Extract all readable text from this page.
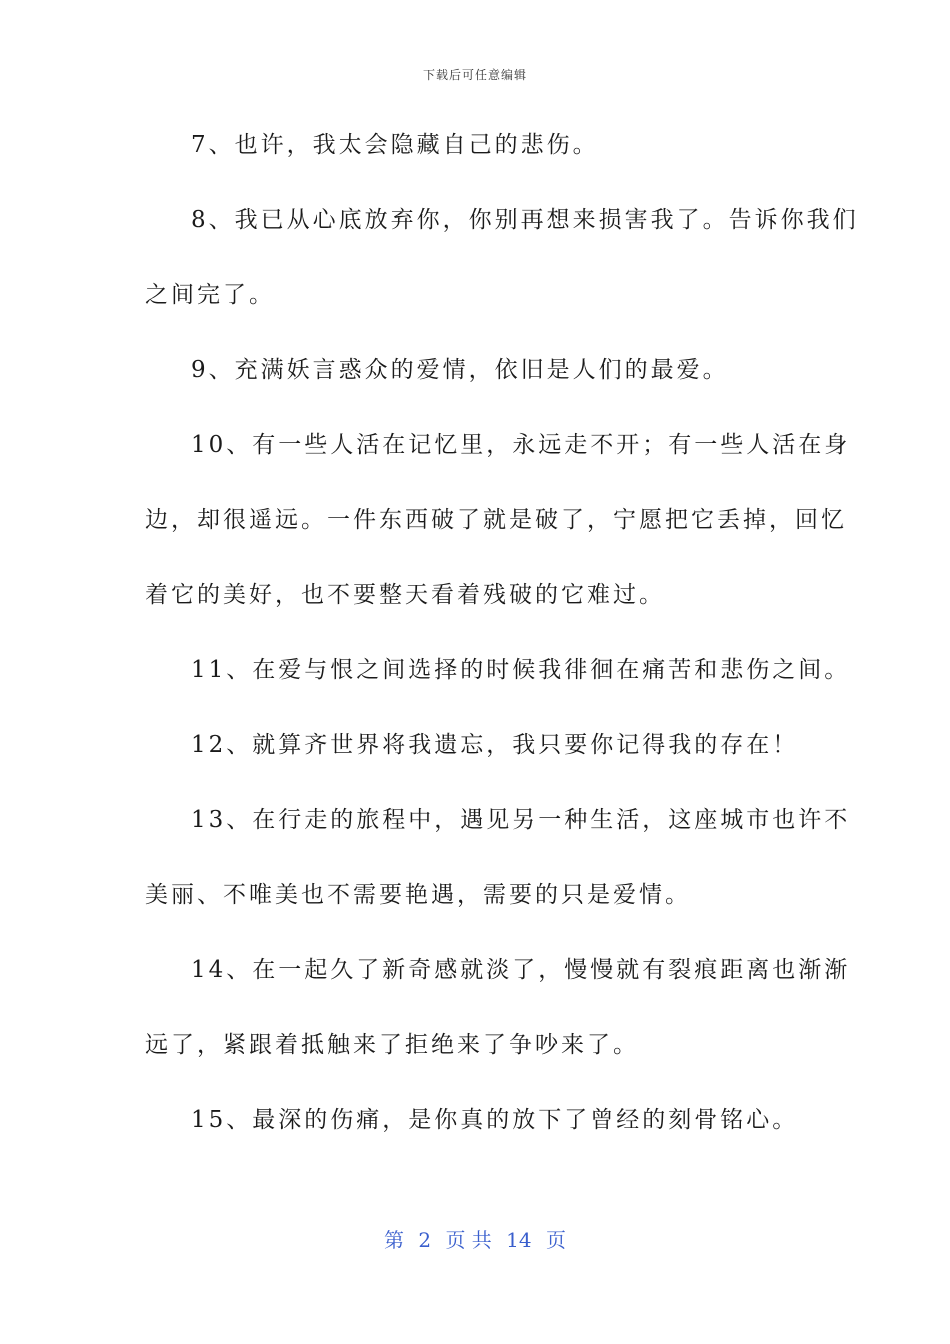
下载后可任意编辑
7、也许，我太会隐藏自己的悲伤。
8、我已从心底放弃你，你别再想来损害我了。告诉你我们
之间完了。
9、充满妖言惑众的爱情，依旧是人们的最爱。
10、有一些人活在记忆里，永远走不开；有一些人活在身
边，却很遥远。一件东西破了就是破了，宁愿把它丢掉，回忆
着它的美好，也不要整天看着残破的它难过。
11、在爱与恨之间选择的时候我徘徊在痛苦和悲伤之间。
12、就算齐世界将我遗忘，我只要你记得我的存在！
13、在行走的旅程中，遇见另一种生活，这座城市也许不
美丽、不唯美也不需要艳遇，需要的只是爱情。
14、在一起久了新奇感就淡了，慢慢就有裂痕距离也渐渐
远了，紧跟着抵触来了拒绝来了争吵来了。
15、最深的伤痛，是你真的放下了曾经的刻骨铭心。
第 2 页 共 14 页
